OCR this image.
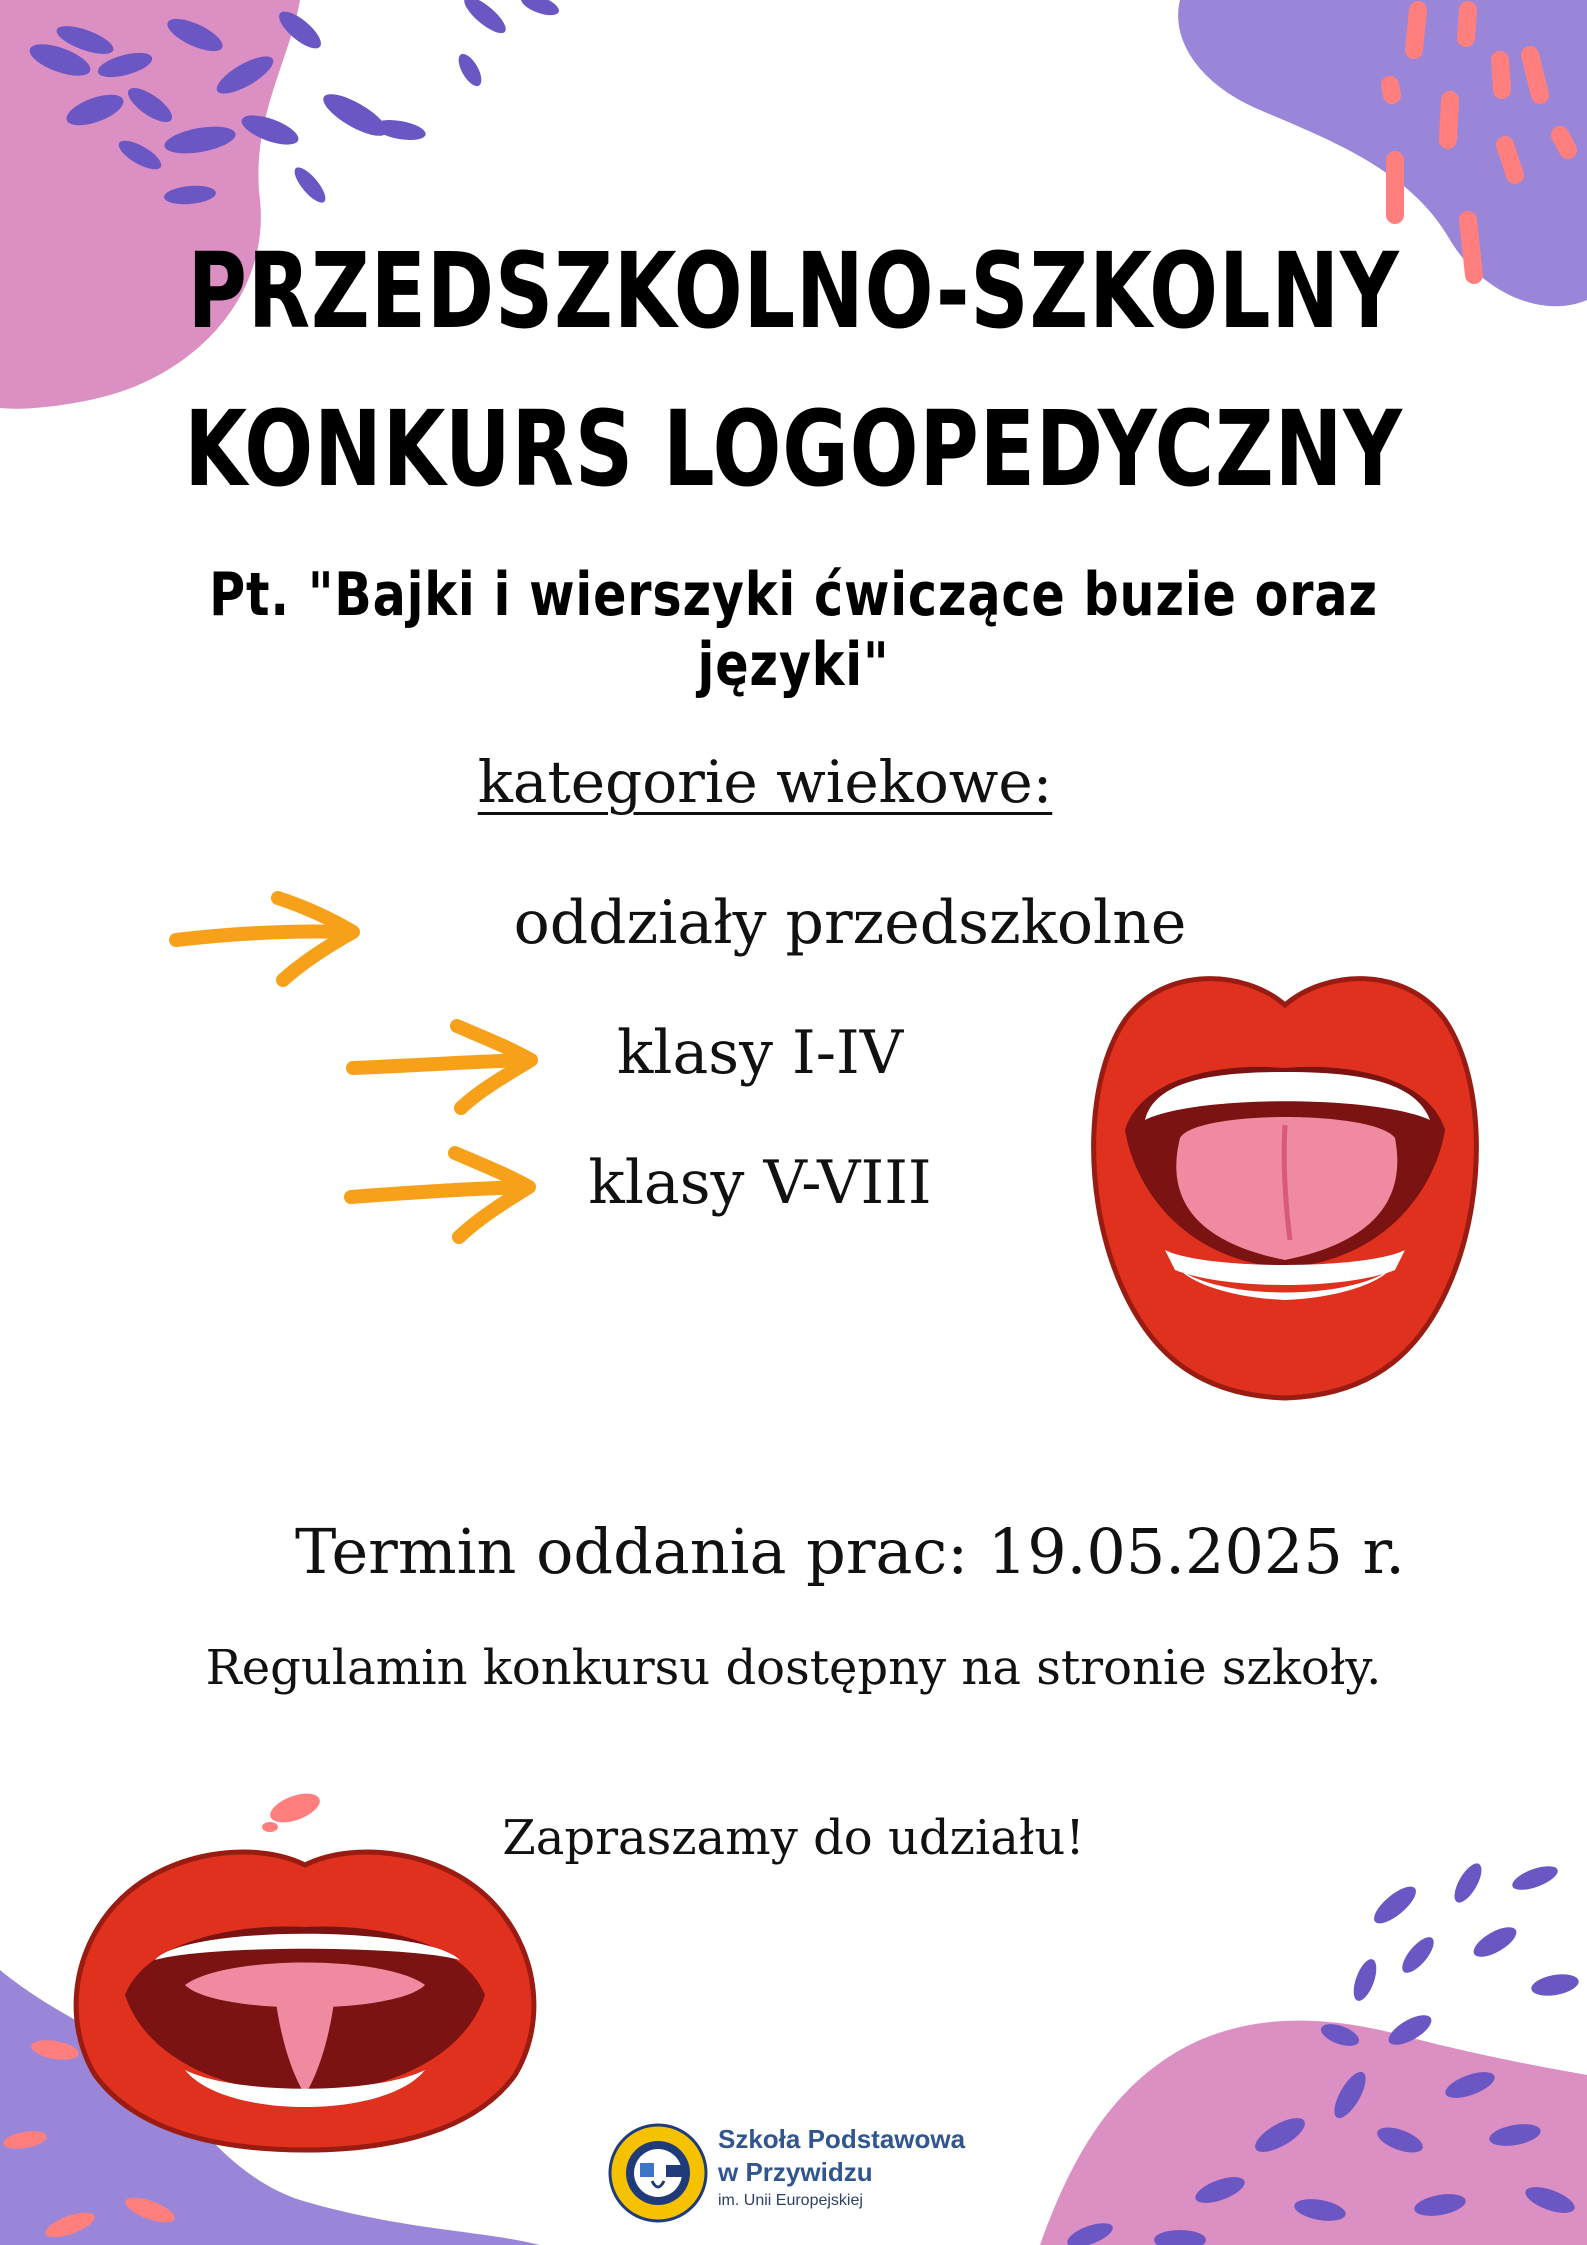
PRZEDSZKOLNO-SZKOLNY
KONKURS LOGOPEDYCZNY
Pt. "Bajki i wierszyki ćwiczące buzie oraz języki"
kategorie wiekowe:
oddziały przedszkolne
klasy I-IV
klasy V-VIII
Termin oddania prac: 19.05.2025 r.
Regulamin konkursu dostępny na stronie szkoły.
Zapraszamy do udziału!
Szkoła Podstawowa
w Przywidzu
im. Unii Europejskiej
